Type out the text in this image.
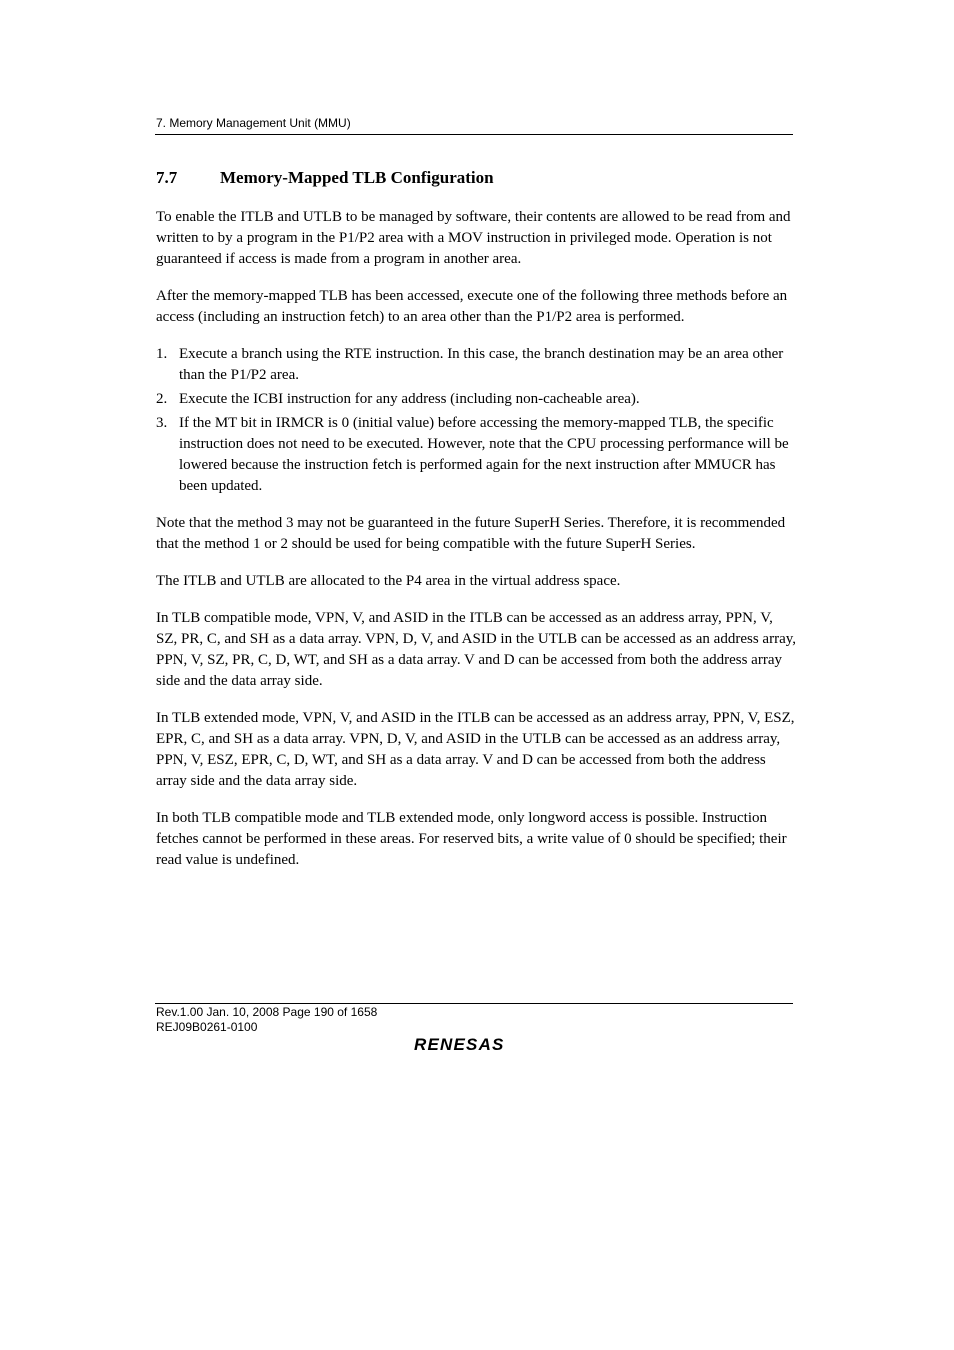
7. Memory Management Unit (MMU)
7.7	Memory-Mapped TLB Configuration

To enable the ITLB and UTLB to be managed by software, their contents are allowed to be read from and written to by a program in the P1/P2 area with a MOV instruction in privileged mode. Operation is not guaranteed if access is made from a program in another area.

After the memory-mapped TLB has been accessed, execute one of the following three methods before an access (including an instruction fetch) to an area other than the P1/P2 area is performed.

1. Execute a branch using the RTE instruction. In this case, the branch destination may be an area other than the P1/P2 area.
2. Execute the ICBI instruction for any address (including non-cacheable area).
3. If the MT bit in IRMCR is 0 (initial value) before accessing the memory-mapped TLB, the specific instruction does not need to be executed. However, note that the CPU processing performance will be lowered because the instruction fetch is performed again for the next instruction after MMUCR has been updated.

Note that the method 3 may not be guaranteed in the future SuperH Series. Therefore, it is recommended that the method 1 or 2 should be used for being compatible with the future SuperH Series.

The ITLB and UTLB are allocated to the P4 area in the virtual address space.

In TLB compatible mode, VPN, V, and ASID in the ITLB can be accessed as an address array, PPN, V, SZ, PR, C, and SH as a data array. VPN, D, V, and ASID in the UTLB can be accessed as an address array, PPN, V, SZ, PR, C, D, WT, and SH as a data array. V and D can be accessed from both the address array side and the data array side.

In TLB extended mode, VPN, V, and ASID in the ITLB can be accessed as an address array, PPN, V, ESZ, EPR, C, and SH as a data array. VPN, D, V, and ASID in the UTLB can be accessed as an address array, PPN, V, ESZ, EPR, C, D, WT, and SH as a data array. V and D can be accessed from both the address array side and the data array side.

In both TLB compatible mode and TLB extended mode, only longword access is possible. Instruction fetches cannot be performed in these areas. For reserved bits, a write value of 0 should be specified; their read value is undefined.

Rev.1.00 Jan. 10, 2008 Page 190 of 1658
REJ09B0261-0100
RENESAS
